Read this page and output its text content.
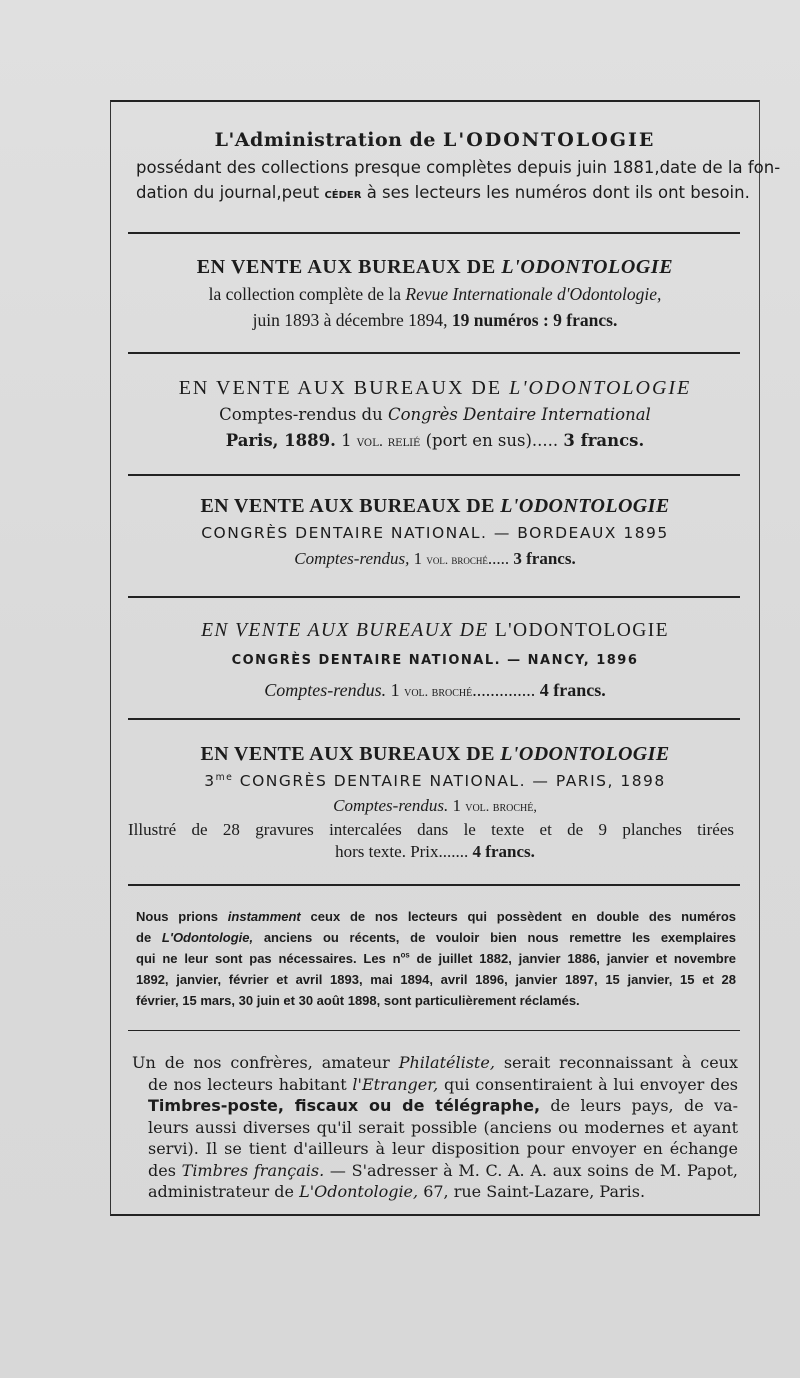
L'Administration de L'ODONTOLOGIE
possédant des collections presque complètes depuis juin 1881,date de la fon-
dation du journal,peut céder à ses lecteurs les numéros dont ils ont besoin.
EN VENTE AUX BUREAUX DE L'ODONTOLOGIE
la collection complète de la Revue Internationale d'Odontologie,
juin 1893 à décembre 1894, 19 numéros : 9 francs.
EN VENTE AUX BUREAUX DE L'ODONTOLOGIE
Comptes-rendus du Congrès Dentaire International
Paris, 1889. 1 vol. relié (port en sus)..... 3 francs.
EN VENTE AUX BUREAUX DE L'ODONTOLOGIE
CONGRÈS DENTAIRE NATIONAL. — BORDEAUX 1895
Comptes-rendus, 1 vol. broché..... 3 francs.
EN VENTE AUX BUREAUX DE L'ODONTOLOGIE
CONGRÈS DENTAIRE NATIONAL. — NANCY, 1896
Comptes-rendus. 1 vol. broché.............. 4 francs.
EN VENTE AUX BUREAUX DE L'ODONTOLOGIE
$3^{me}$ CONGRÈS DENTAIRE NATIONAL. — PARIS, 1898
Comptes-rendus. 1 vol. broché,
Illustré de 28 gravures intercalées dans le texte et de 9 planches tirées
hors texte. Prix....... 4 francs.
Nous prions instamment ceux de nos lecteurs qui possèdent en double des numéros
de L'Odontologie, anciens ou récents, de vouloir bien nous remettre les exemplaires
qui ne leur sont pas nécessaires. Les $n^{os}$ de juillet 1882, janvier 1886, janvier et novembre
1892, janvier, février et avril 1893, mai 1894, avril 1896, janvier 1897, 15 janvier, 15 et 28
février, 15 mars, 30 juin et 30 août 1898, sont particulièrement réclamés.
Un de nos confrères, amateur Philatéliste, serait reconnaissant à ceux
de nos lecteurs habitant l'Etranger, qui consentiraient à lui envoyer des
Timbres-poste, fiscaux ou de télégraphe, de leurs pays, de va-
leurs aussi diverses qu'il serait possible (anciens ou modernes et ayant
servi). Il se tient d'ailleurs à leur disposition pour envoyer en échange
des Timbres français. — S'adresser à M. C. A. A. aux soins de M. Papot,
administrateur de L'Odontologie, 67, rue Saint-Lazare, Paris.
